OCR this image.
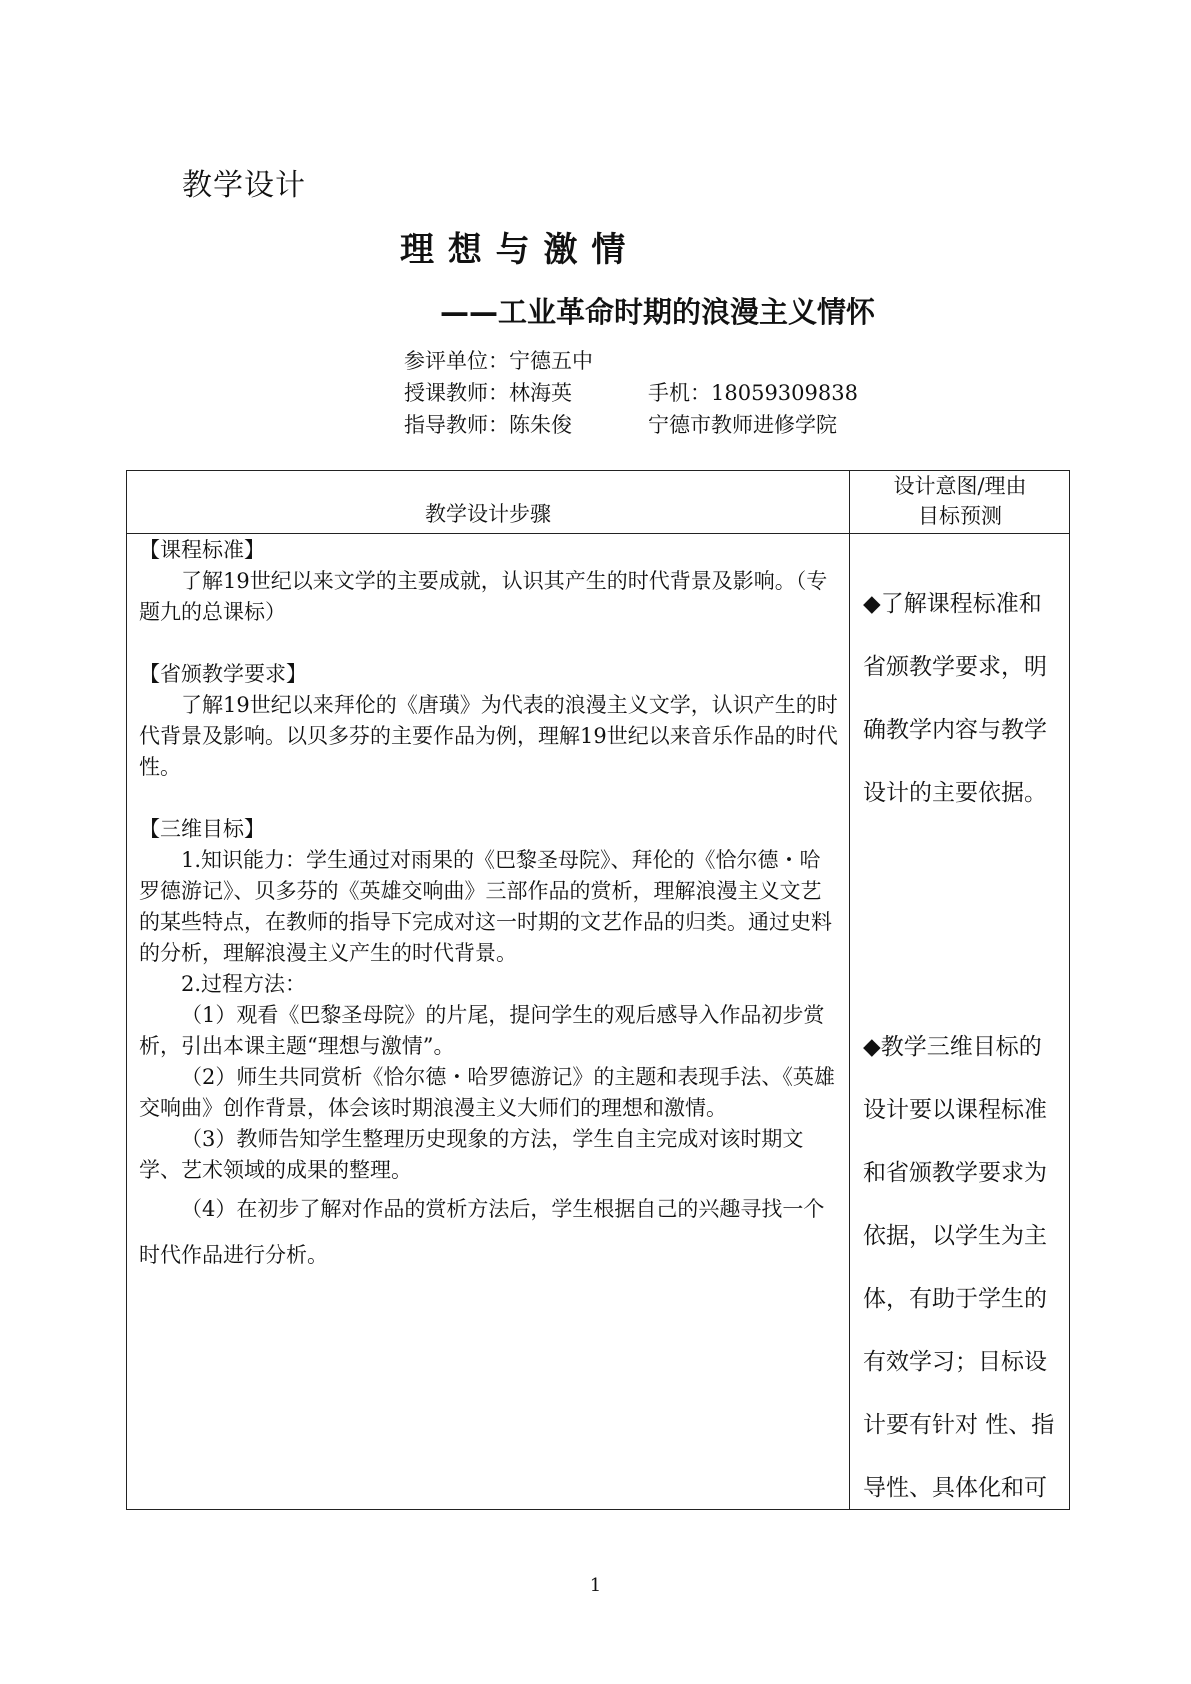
教学设计
理 想 与 激 情
——工业革命时期的浪漫主义情怀
参评单位：宁德五中
授课教师：林海英	手机：18059309838
指导教师：陈朱俊	宁德市教师进修学院
教学设计步骤
设计意图/理由
目标预测

【课程标准】

了解19世纪以来文学的主要成就，认识其产生的时代背景及影响。（专题九的总课标）

【省颁教学要求】

了解19世纪以来拜伦的《唐璜》为代表的浪漫主义文学，认识产生的时代背景及影响。以贝多芬的主要作品为例，理解19世纪以来音乐作品的时代性。

【三维目标】

1.知识能力：学生通过对雨果的《巴黎圣母院》、拜伦的《恰尔德・哈罗德游记》、贝多芬的《英雄交响曲》三部作品的赏析，理解浪漫主义文艺的某些特点，在教师的指导下完成对这一时期的文艺作品的归类。通过史料的分析，理解浪漫主义产生的时代背景。

2.过程方法：

（1）观看《巴黎圣母院》的片尾，提问学生的观后感导入作品初步赏析，引出本课主题“理想与激情”。

（2）师生共同赏析《恰尔德・哈罗德游记》的主题和表现手法、《英雄交响曲》创作背景，体会该时期浪漫主义大师们的理想和激情。

（3）教师告知学生整理历史现象的方法，学生自主完成对该时期文学、艺术领域的成果的整理。

（4）在初步了解对作品的赏析方法后，学生根据自己的兴趣寻找一个时代作品进行分析。

◆了解课程标准和
省颁教学要求，明
确教学内容与教学
设计的主要依据。
◆教学三维目标的
设计要以课程标准
和省颁教学要求为
依据，以学生为主
体，有助于学生的
有效学习；目标设
计要有针对 性、指
导性、具体化和可
1
